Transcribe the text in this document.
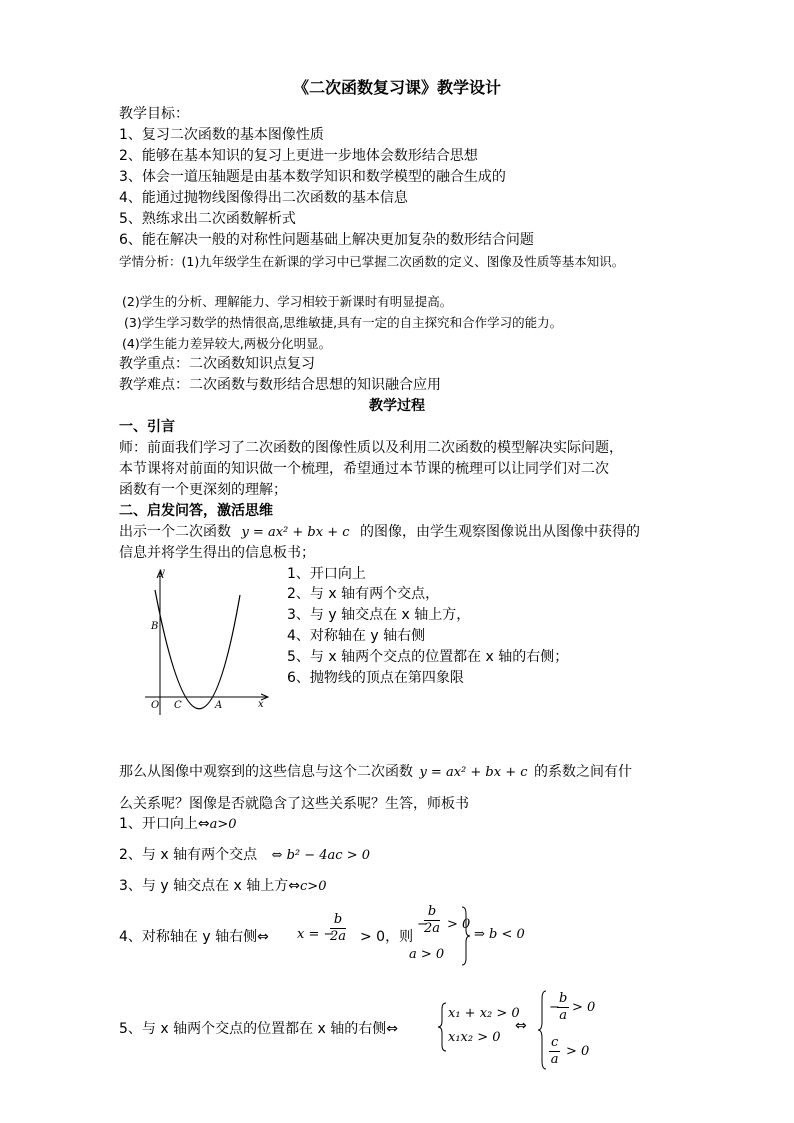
《二次函数复习课》教学设计
教学目标：
1、复习二次函数的基本图像性质
2、能够在基本知识的复习上更进一步地体会数形结合思想
3、体会一道压轴题是由基本数学知识和数学模型的融合生成的
4、能通过抛物线图像得出二次函数的基本信息
5、熟练求出二次函数解析式
6、能在解决一般的对称性问题基础上解决更加复杂的数形结合问题
学情分析：(1)九年级学生在新课的学习中已掌握二次函数的定义、图像及性质等基本知识。
(2)学生的分析、理解能力、学习相较于新课时有明显提高。
(3)学生学习数学的热情很高,思维敏捷,具有一定的自主探究和合作学习的能力。
(4)学生能力差异较大,两极分化明显。
教学重点：二次函数知识点复习
教学难点：二次函数与数形结合思想的知识融合应用
教学过程
一、引言
师：前面我们学习了二次函数的图像性质以及利用二次函数的模型解决实际问题，
本节课将对前面的知识做一个梳理，希望通过本节课的梳理可以让同学们对二次
函数有一个更深刻的理解；
二、启发问答，激活思维
出示一个二次函数 y = ax² + bx + c 的图像，由学生观察图像说出从图像中获得的
信息并将学生得出的信息板书；
y
x
O
B
C	A
1、开口向上
2、与 x 轴有两个交点，
3、与 y 轴交点在 x 轴上方，
4、对称轴在 y 轴右侧
5、与 x 轴两个交点的位置都在 x 轴的右侧；
6、抛物线的顶点在第四象限
那么从图像中观察到的这些信息与这个二次函数 y = ax² + bx + c 的系数之间有什
么关系呢？图像是否就隐含了这些关系呢？生答，师板书
1、开口向上⇔a>0
2、与 x 轴有两个交点 ⇔ b² − 4ac > 0
3、与 y 轴交点在 x 轴上方⇔c>0
4、对称轴在 y 轴右侧⇔ x = −
$\frac{b}{2a} > 0$，则
−
$\frac{b}{2a} > 0$
a > 0
⇒ b < 0
5、与 x 轴两个交点的位置都在 x 轴的右侧⇔
x₁ + x₂ > 0
x₁x₂ > 0
⇔
−
$\frac{b}{a} > 0$
$\frac{c}{a} > 0$
